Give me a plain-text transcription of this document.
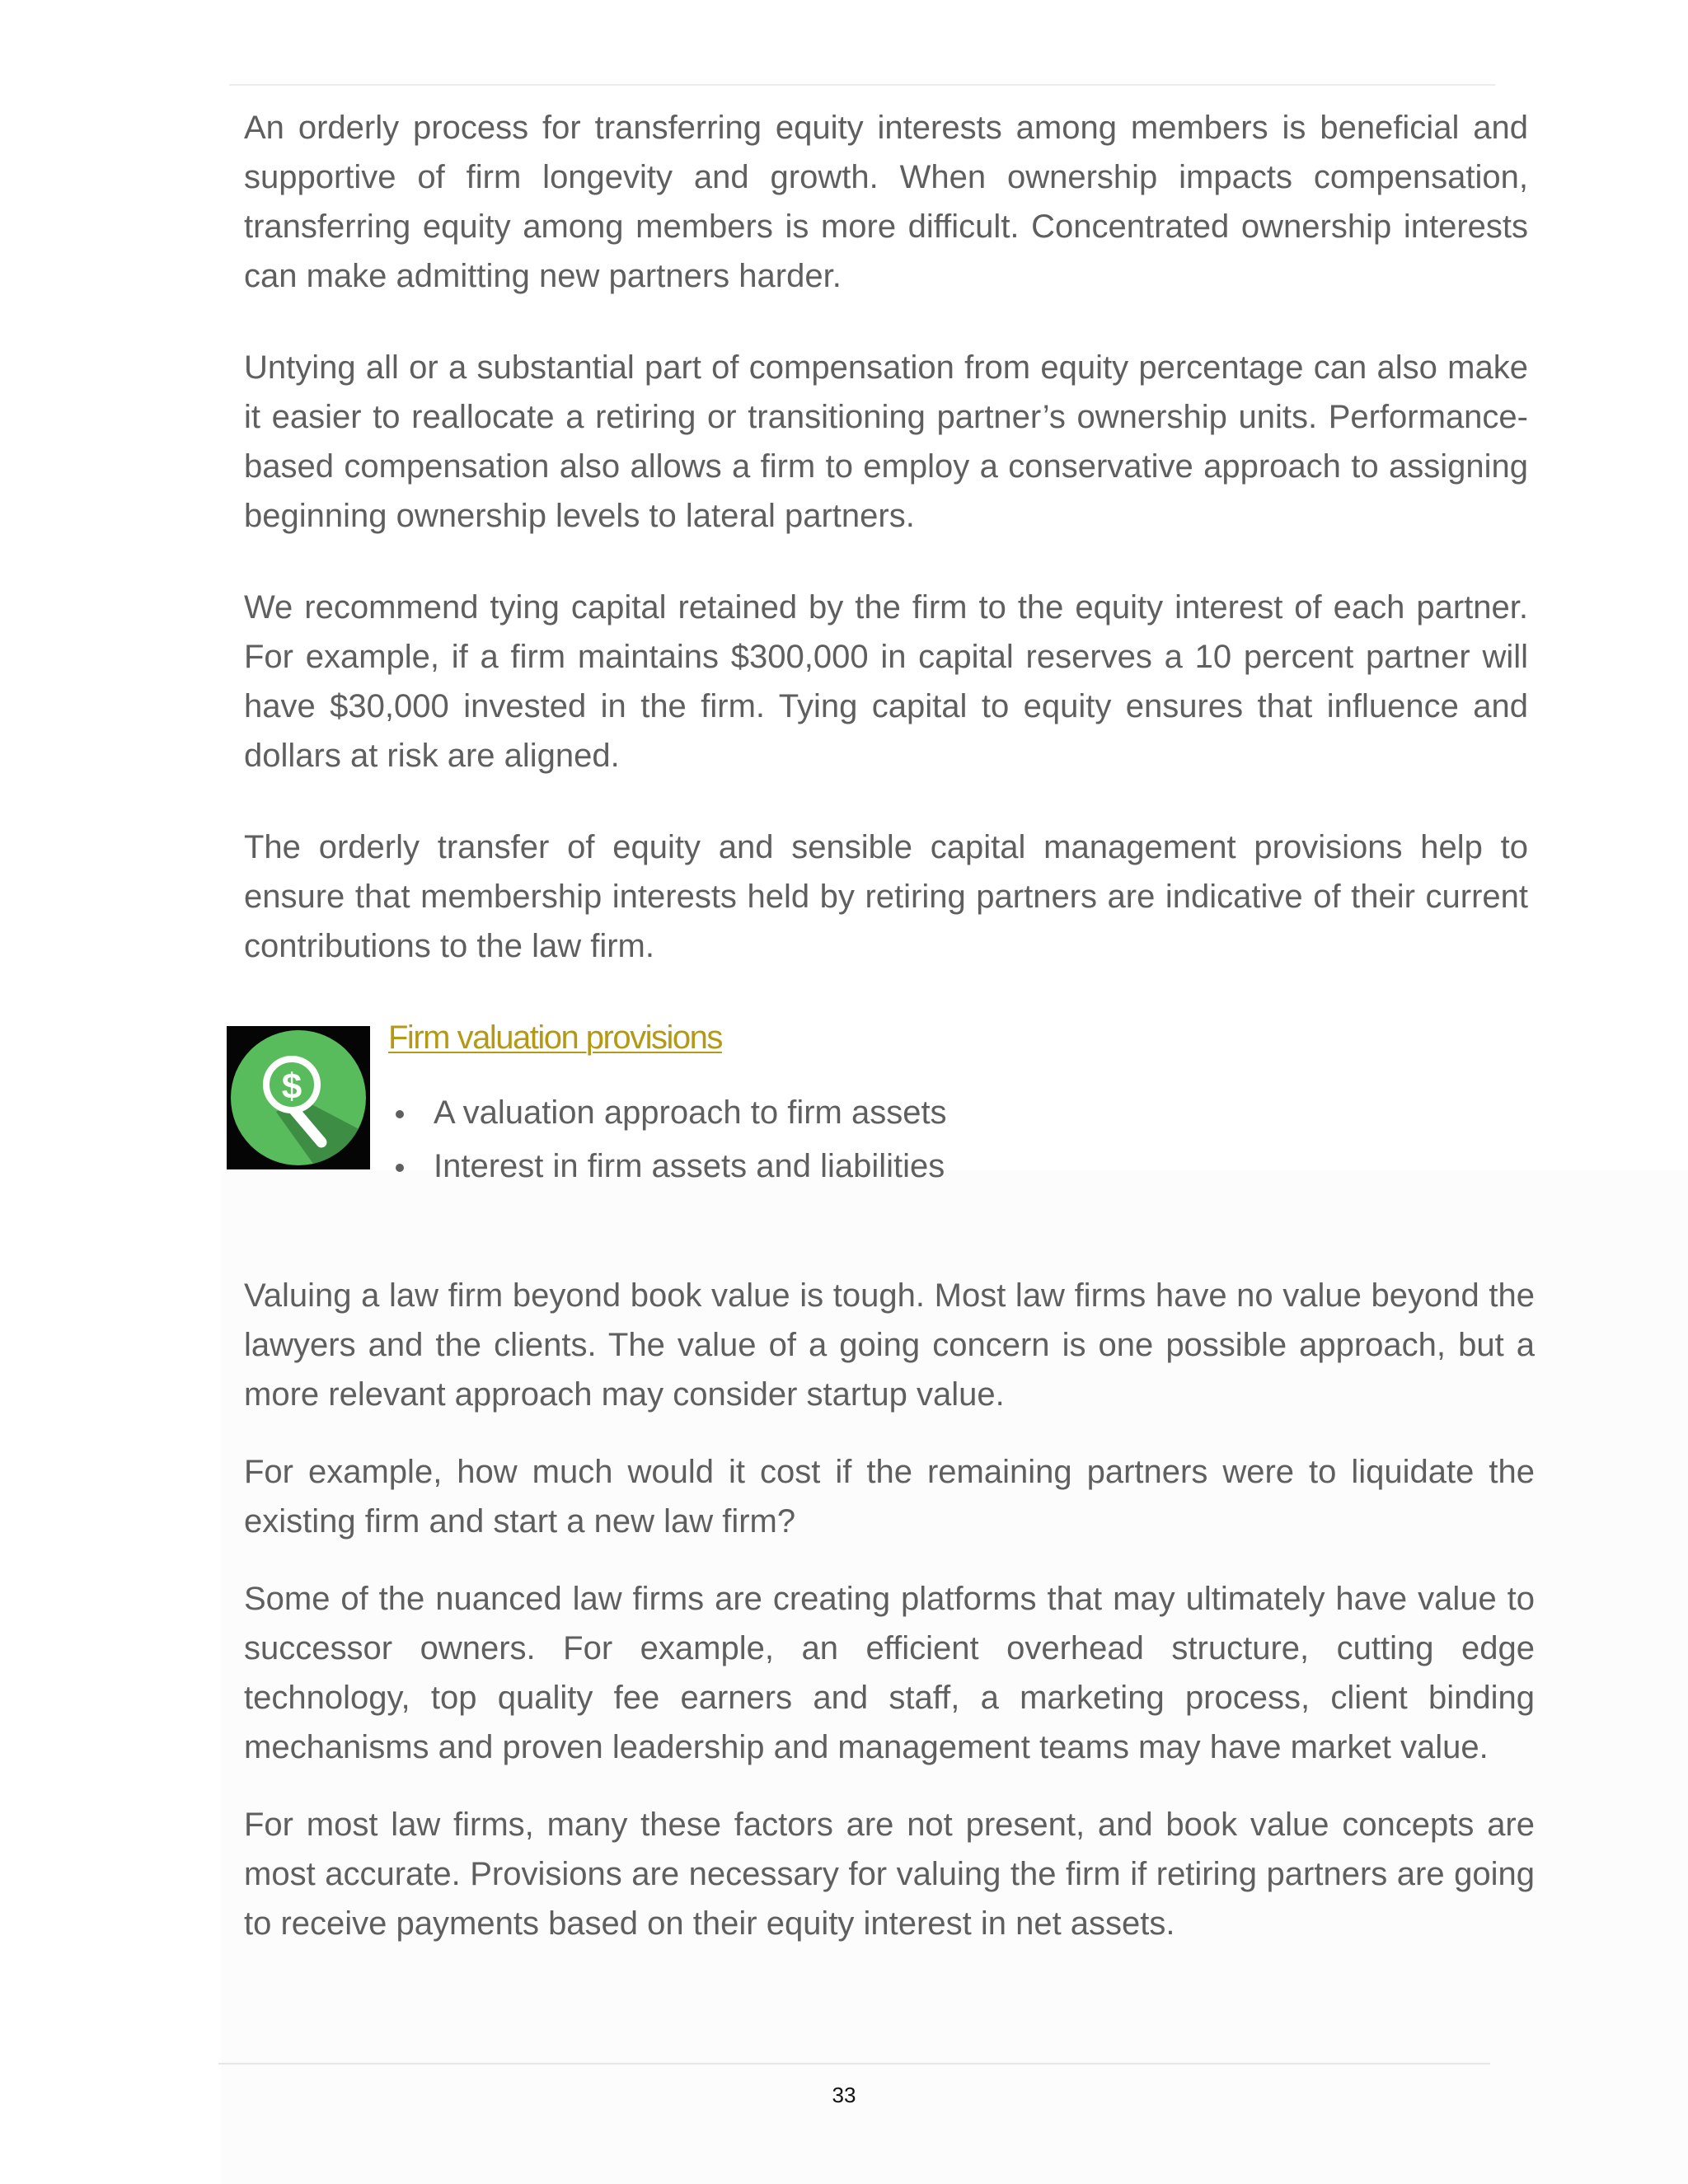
An orderly process for transferring equity interests among members is beneficial and supportive of firm longevity and growth. When ownership impacts compensation, transferring equity among members is more difficult. Concentrated ownership interests can make admitting new partners harder.

Untying all or a substantial part of compensation from equity percentage can also make it easier to reallocate a retiring or transitioning partner’s ownership units. Performance-based compensation also allows a firm to employ a conservative approach to assigning beginning ownership levels to lateral partners.

We recommend tying capital retained by the firm to the equity interest of each partner. For example, if a firm maintains $300,000 in capital reserves a 10 percent partner will have $30,000 invested in the firm. Tying capital to equity ensures that influence and dollars at risk are aligned.

The orderly transfer of equity and sensible capital management provisions help to ensure that membership interests held by retiring partners are indicative of their current contributions to the law firm.

$
Firm valuation provisions
A valuation approach to firm assets
Interest in firm assets and liabilities

Valuing a law firm beyond book value is tough. Most law firms have no value beyond the lawyers and the clients. The value of a going concern is one possible approach, but a more relevant approach may consider startup value.

For example, how much would it cost if the remaining partners were to liquidate the existing firm and start a new law firm?

Some of the nuanced law firms are creating platforms that may ultimately have value to successor owners. For example, an efficient overhead structure, cutting edge technology, top quality fee earners and staff, a marketing process, client binding mechanisms and proven leadership and management teams may have market value.

For most law firms, many these factors are not present, and book value concepts are most accurate. Provisions are necessary for valuing the firm if retiring partners are going to receive payments based on their equity interest in net assets.

33
